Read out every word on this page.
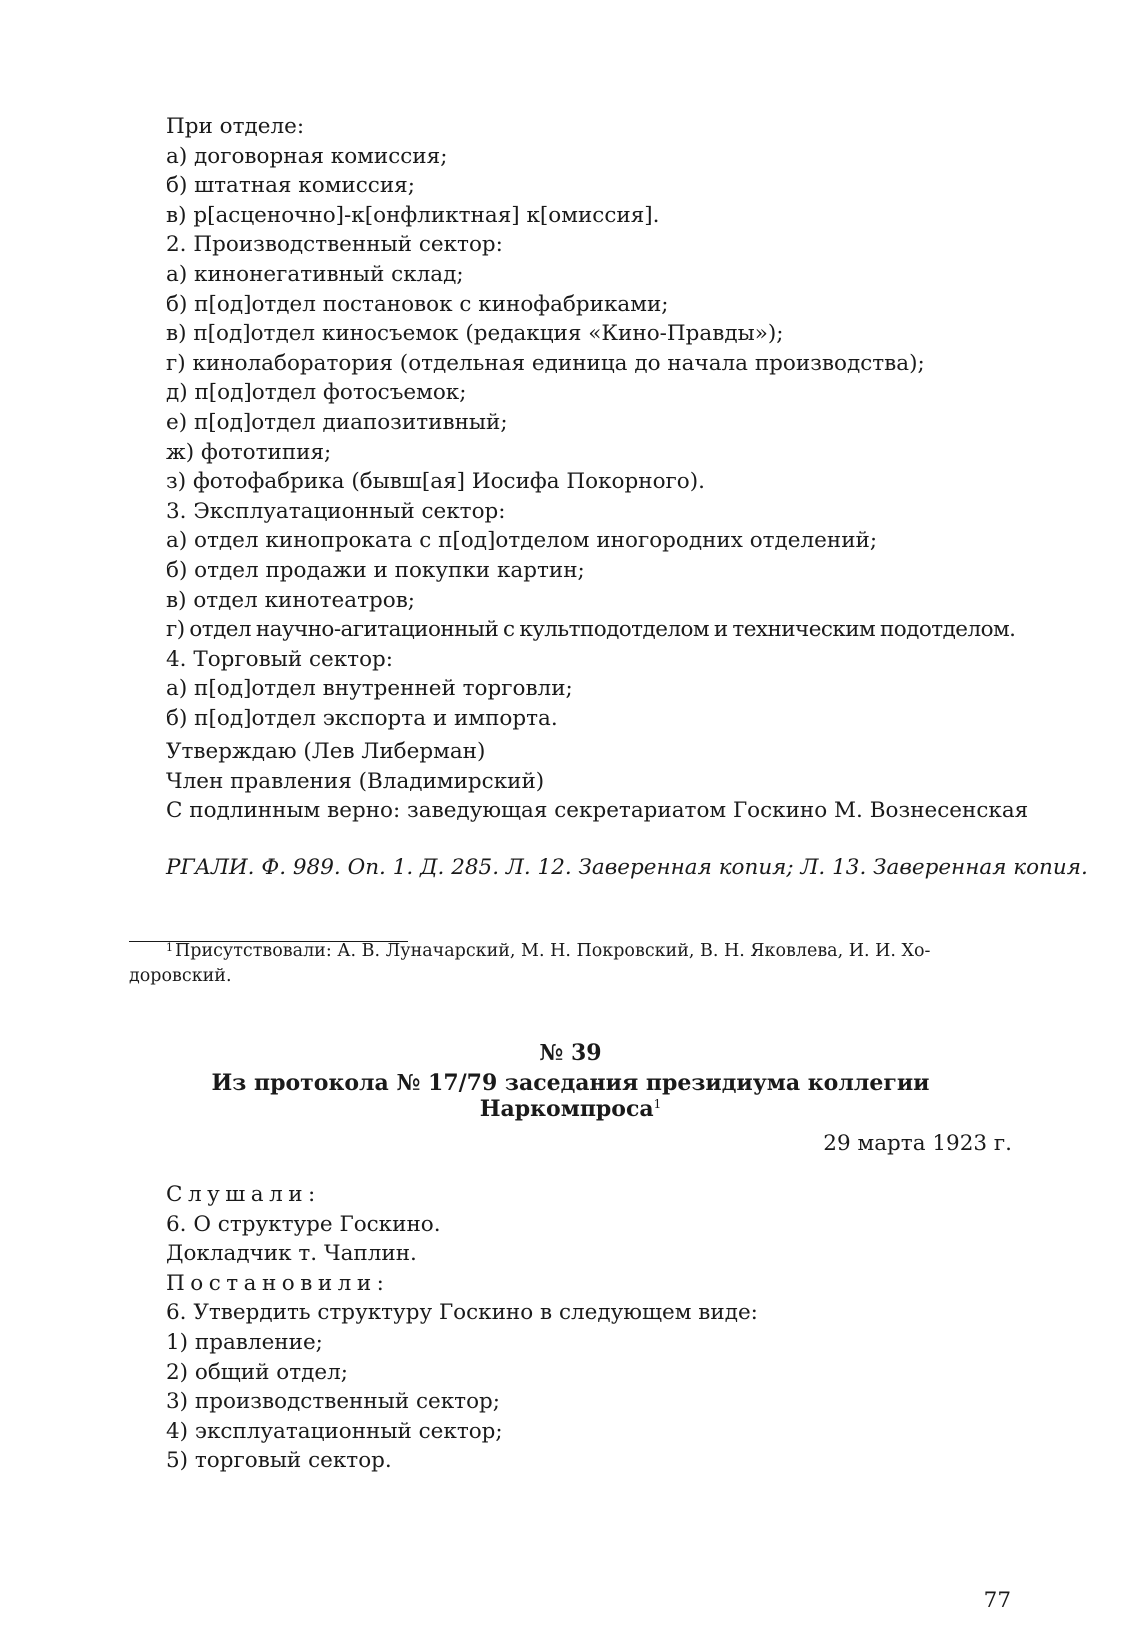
При отделе:
а) договорная комиссия;
б) штатная комиссия;
в) р[асценочно]-к[онфликтная] к[омиссия].
2. Производственный сектор:
а) кинонегативный склад;
б) п[од]отдел постановок с кинофабриками;
в) п[од]отдел киносъемок (редакция «Кино-Правды»);
г) кинолаборатория (отдельная единица до начала производства);
д) п[од]отдел фотосъемок;
е) п[од]отдел диапозитивный;
ж) фототипия;
з) фотофабрика (бывш[ая] Иосифа Покорного).
3. Эксплуатационный сектор:
а) отдел кинопроката с п[од]отделом иногородних отделений;
б) отдел продажи и покупки картин;
в) отдел кинотеатров;
г) отдел научно-агитационный с культподотделом и техническим подотделом.
4. Торговый сектор:
а) п[од]отдел внутренней торговли;
б) п[од]отдел экспорта и импорта.
Утверждаю (Лев Либерман)
Член правления (Владимирский)
С подлинным верно: заведующая секретариатом Госкино М. Вознесенская
РГАЛИ. Ф. 989. Оп. 1. Д. 285. Л. 12. Заверенная копия; Л. 13. Заверенная копия.
$^1$ Присутствовали: А. В. Луначарский, М. Н. Покровский, В. Н. Яковлева, И. И. Хо-
доровский.
№ 39
Из протокола № 17/79 заседания президиума коллегии Наркомпроса$^1$
29 марта 1923 г.
Слушали:
6. О структуре Госкино.
Докладчик т. Чаплин.
Постановили:
6. Утвердить структуру Госкино в следующем виде:
1) правление;
2) общий отдел;
3) производственный сектор;
4) эксплуатационный сектор;
5) торговый сектор.
77
